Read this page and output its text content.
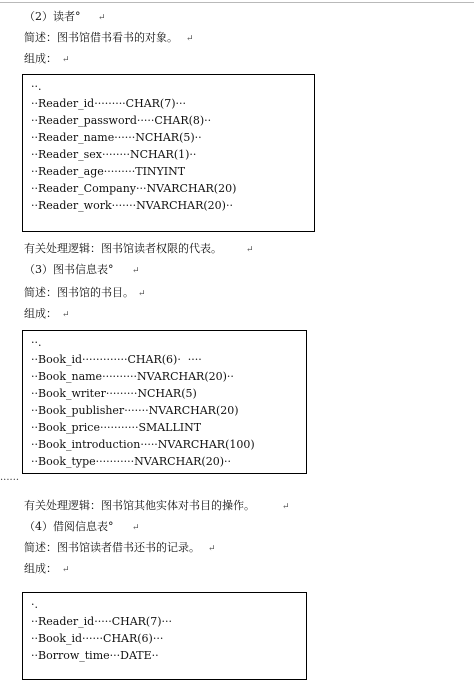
（2）读者°
简述：图书馆借书看书的对象。
组成：
··.
··Reader_id·········CHAR(7)···
··Reader_password·····CHAR(8)··
··Reader_name······NCHAR(5)··
··Reader_sex········NCHAR(1)··
··Reader_age·········TINYINT
··Reader_Company···NVARCHAR(20)
··Reader_work·······NVARCHAR(20)··
有关处理逻辑：图书馆读者权限的代表。
（3）图书信息表°
简述：图书馆的书目。
组成：
··.
··Book_id·············CHAR(6)·  ····
··Book_name··········NVARCHAR(20)··
··Book_writer·········NCHAR(5)
··Book_publisher·······NVARCHAR(20)
··Book_price···········SMALLINT
··Book_introduction·····NVARCHAR(100)
··Book_type···········NVARCHAR(20)··
······
有关处理逻辑：图书馆其他实体对书目的操作。
（4）借阅信息表°
简述：图书馆读者借书还书的记录。
组成：
·.
··Reader_id·····CHAR(7)···
··Book_id······CHAR(6)···
··Borrow_time···DATE··
↵
↵
↵
↵
↵
↵
↵
↵
↵
↵
↵
